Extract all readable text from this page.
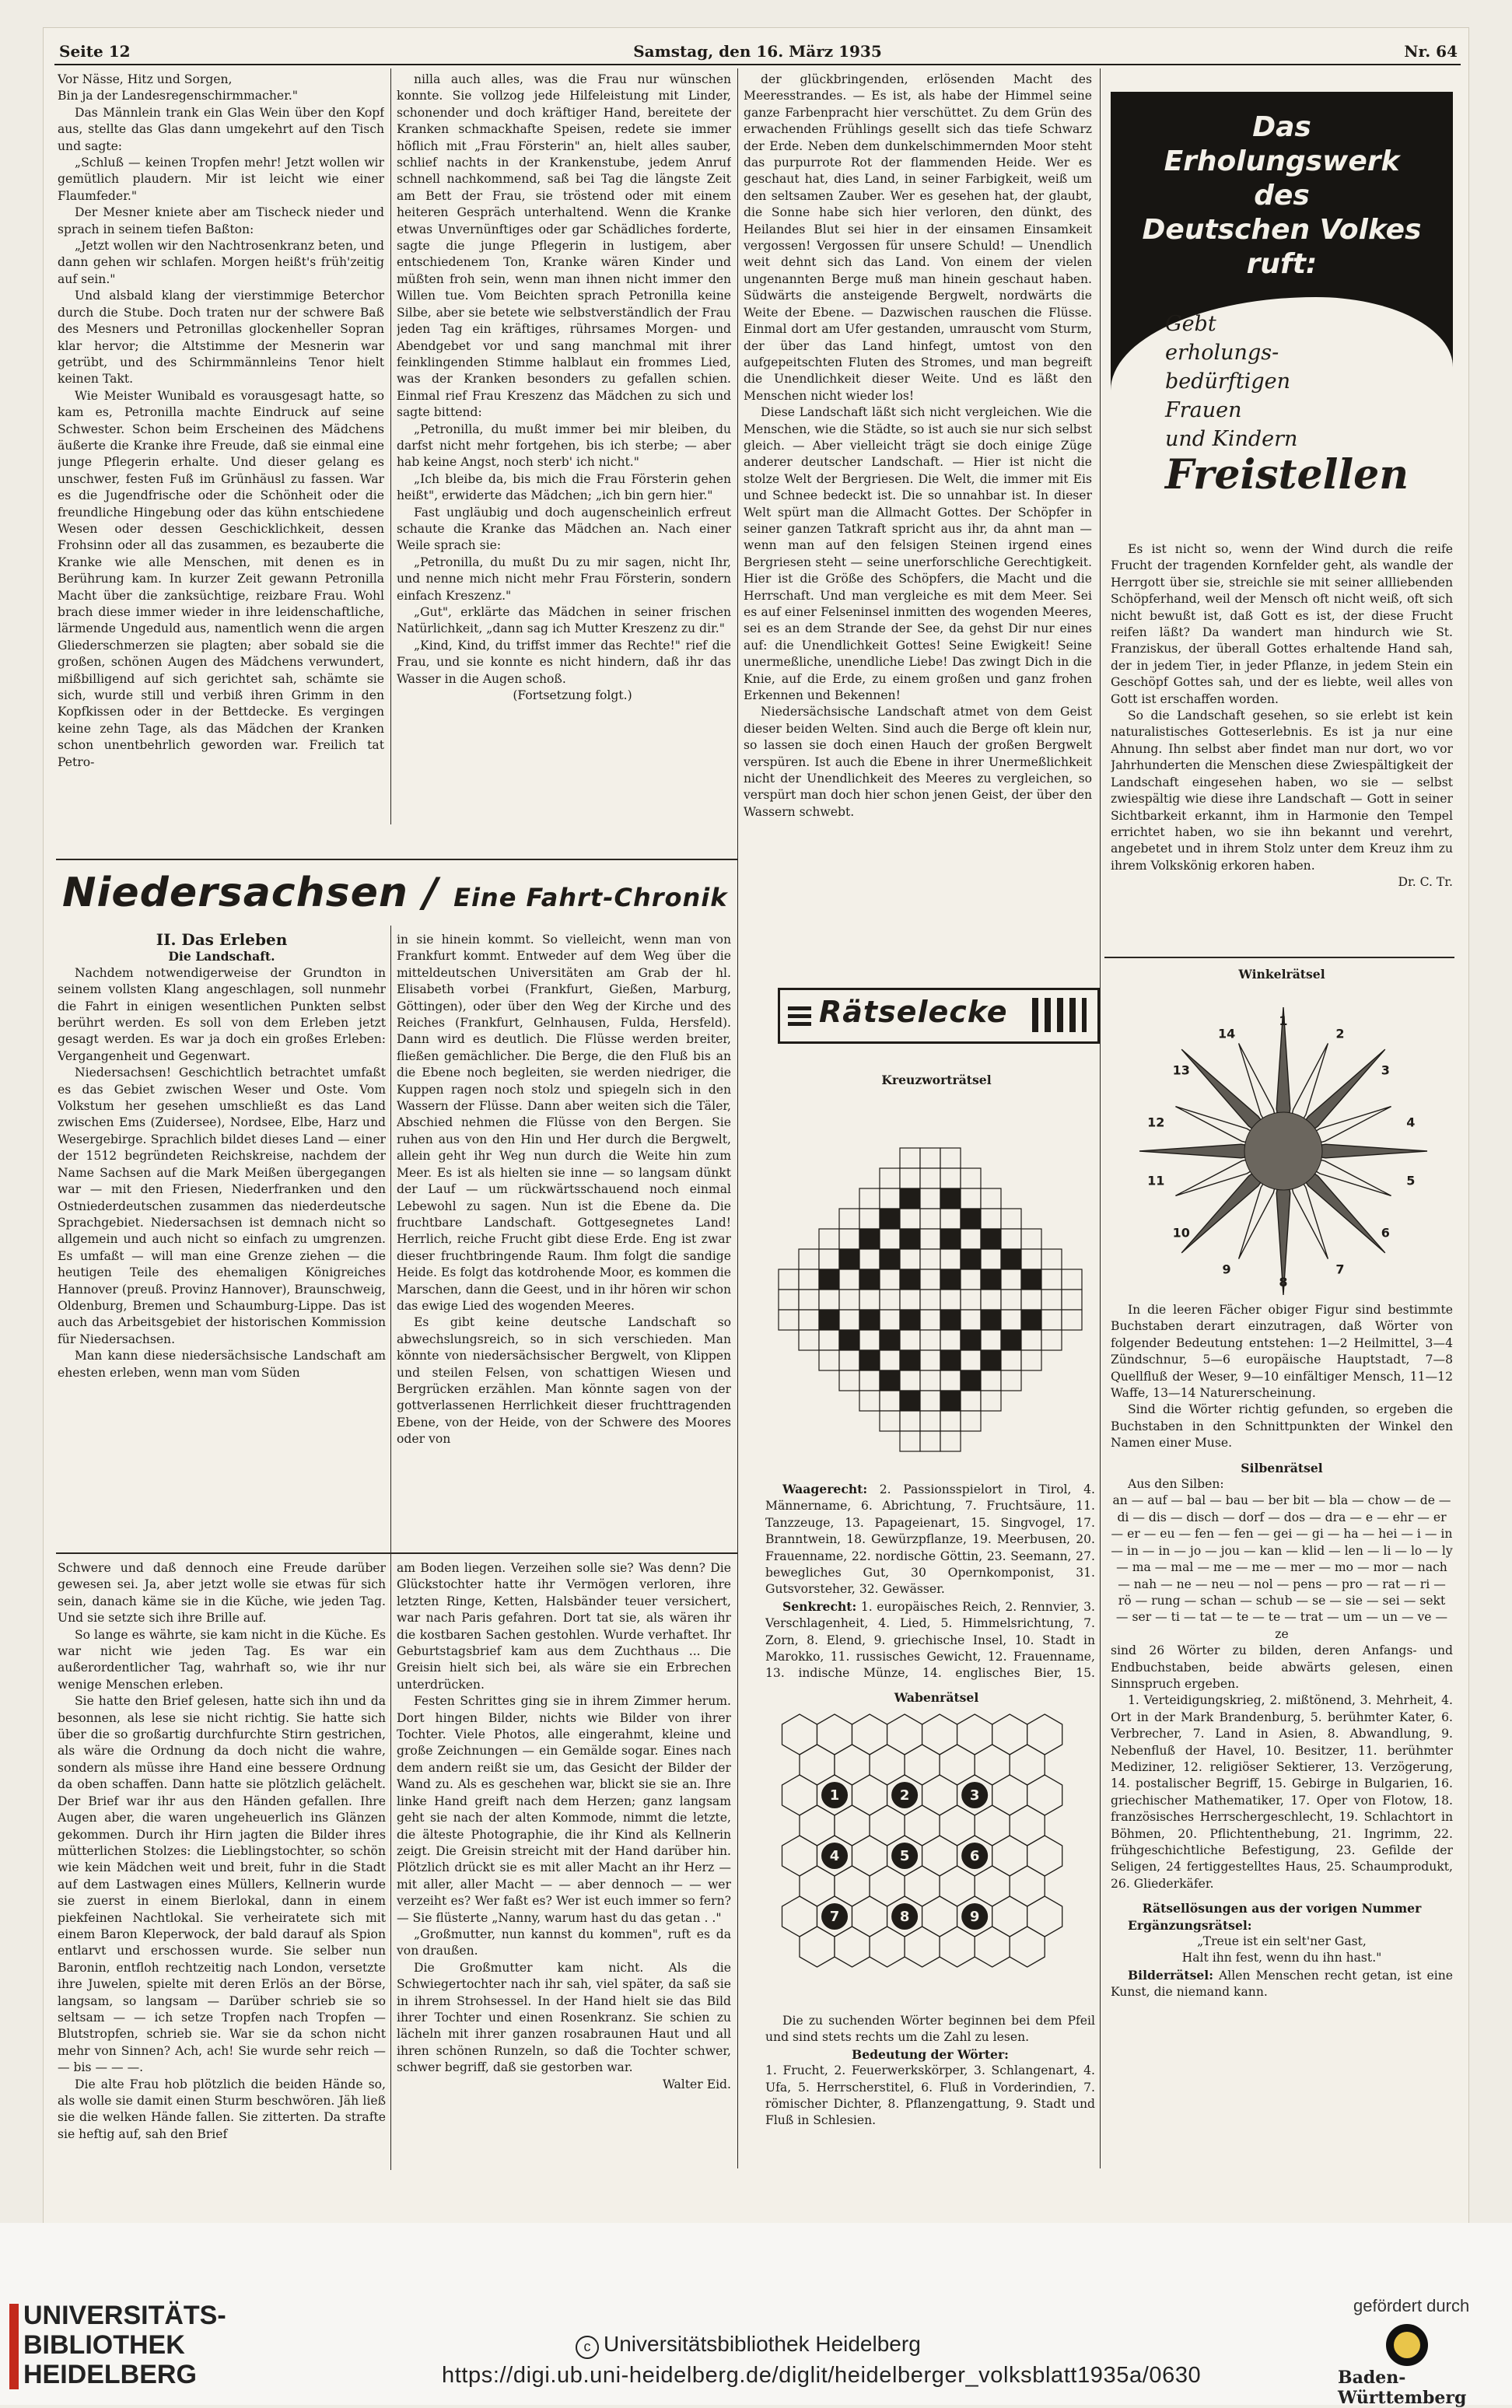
Seite 12	Samstag, den 16. März 1935	Nr. 64

Vor Nässe, Hitz und Sorgen,

Bin ja der Landesregenschirmmacher."

Das Männlein trank ein Glas Wein über den Kopf aus, stellte das Glas dann umgekehrt auf den Tisch und sagte:

„Schluß — keinen Tropfen mehr! Jetzt wollen wir gemütlich plaudern. Mir ist leicht wie einer Flaumfeder."

Der Mesner kniete aber am Tischeck nieder und sprach in seinem tiefen Baßton:

„Jetzt wollen wir den Nachtrosenkranz beten, und dann gehen wir schlafen. Morgen heißt's früh'zeitig auf sein."

Und alsbald klang der vierstimmige Beterchor durch die Stube. Doch traten nur der schwere Baß des Mesners und Petronillas glockenheller Sopran klar hervor; die Altstimme der Mesnerin war getrübt, und des Schirmmännleins Tenor hielt keinen Takt.

Wie Meister Wunibald es vorausgesagt hatte, so kam es, Petronilla machte Eindruck auf seine Schwester. Schon beim Erscheinen des Mädchens äußerte die Kranke ihre Freude, daß sie einmal eine junge Pflegerin erhalte. Und dieser gelang es unschwer, festen Fuß im Grünhäusl zu fassen. War es die Jugendfrische oder die Schönheit oder die freundliche Hingebung oder das kühn entschiedene Wesen oder dessen Geschicklichkeit, dessen Frohsinn oder all das zusammen, es bezauberte die Kranke wie alle Menschen, mit denen es in Berührung kam. In kurzer Zeit gewann Petronilla Macht über die zanksüchtige, reizbare Frau. Wohl brach diese immer wieder in ihre leidenschaftliche, lärmende Ungeduld aus, namentlich wenn die argen Gliederschmerzen sie plagten; aber sobald sie die großen, schönen Augen des Mädchens verwundert, mißbilligend auf sich gerichtet sah, schämte sie sich, wurde still und verbiß ihren Grimm in den Kopfkissen oder in der Bettdecke. Es vergingen keine zehn Tage, als das Mädchen der Kranken schon unentbehrlich geworden war. Freilich tat Petro-

nilla auch alles, was die Frau nur wünschen konnte. Sie vollzog jede Hilfeleistung mit Linder, schonender und doch kräftiger Hand, bereitete der Kranken schmackhafte Speisen, redete sie immer höflich mit „Frau Försterin" an, hielt alles sauber, schlief nachts in der Krankenstube, jedem Anruf schnell nachkommend, saß bei Tag die längste Zeit am Bett der Frau, sie tröstend oder mit einem heiteren Gespräch unterhaltend. Wenn die Kranke etwas Unvernünftiges oder gar Schädliches forderte, sagte die junge Pflegerin in lustigem, aber entschiedenem Ton, Kranke wären Kinder und müßten froh sein, wenn man ihnen nicht immer den Willen tue. Vom Beichten sprach Petronilla keine Silbe, aber sie betete wie selbstverständlich der Frau jeden Tag ein kräftiges, rührsames Morgen- und Abendgebet vor und sang manchmal mit ihrer feinklingenden Stimme halblaut ein frommes Lied, was der Kranken besonders zu gefallen schien. Einmal rief Frau Kreszenz das Mädchen zu sich und sagte bittend:

„Petronilla, du mußt immer bei mir bleiben, du darfst nicht mehr fortgehen, bis ich sterbe; — aber hab keine Angst, noch sterb' ich nicht."

„Ich bleibe da, bis mich die Frau Försterin gehen heißt", erwiderte das Mädchen; „ich bin gern hier."

Fast ungläubig und doch augenscheinlich erfreut schaute die Kranke das Mädchen an. Nach einer Weile sprach sie:

„Petronilla, du mußt Du zu mir sagen, nicht Ihr, und nenne mich nicht mehr Frau Försterin, sondern einfach Kreszenz."

„Gut", erklärte das Mädchen in seiner frischen Natürlichkeit, „dann sag ich Mutter Kreszenz zu dir."

„Kind, Kind, du triffst immer das Rechte!" rief die Frau, und sie konnte es nicht hindern, daß ihr das Wasser in die Augen schoß.

(Fortsetzung folgt.)

der glückbringenden, erlösenden Macht des Meeresstrandes. — Es ist, als habe der Himmel seine ganze Farbenpracht hier verschüttet. Zu dem Grün des erwachenden Frühlings gesellt sich das tiefe Schwarz der Erde. Neben dem dunkelschimmernden Moor steht das purpurrote Rot der flammenden Heide. Wer es geschaut hat, dies Land, in seiner Farbigkeit, weiß um den seltsamen Zauber. Wer es gesehen hat, der glaubt, die Sonne habe sich hier verloren, den dünkt, des Heilandes Blut sei hier in der einsamen Einsamkeit vergossen! Vergossen für unsere Schuld! — Unendlich weit dehnt sich das Land. Von einem der vielen ungenannten Berge muß man hinein geschaut haben. Südwärts die ansteigende Bergwelt, nordwärts die Weite der Ebene. — Dazwischen rauschen die Flüsse. Einmal dort am Ufer gestanden, umrauscht vom Sturm, der über das Land hinfegt, umtost von den aufgepeitschten Fluten des Stromes, und man begreift die Unendlichkeit dieser Weite. Und es läßt den Menschen nicht wieder los!

Diese Landschaft läßt sich nicht vergleichen. Wie die Menschen, wie die Städte, so ist auch sie nur sich selbst gleich. — Aber vielleicht trägt sie doch einige Züge anderer deutscher Landschaft. — Hier ist nicht die stolze Welt der Bergriesen. Die Welt, die immer mit Eis und Schnee bedeckt ist. Die so unnahbar ist. In dieser Welt spürt man die Allmacht Gottes. Der Schöpfer in seiner ganzen Tatkraft spricht aus ihr, da ahnt man — wenn man auf den felsigen Steinen irgend eines Bergriesen steht — seine unerforschliche Gerechtigkeit. Hier ist die Größe des Schöpfers, die Macht und die Herrschaft. Und man vergleiche es mit dem Meer. Sei es auf einer Felseninsel inmitten des wogenden Meeres, sei es an dem Strande der See, da gehst Dir nur eines auf: die Unendlichkeit Gottes! Seine Ewigkeit! Seine unermeßliche, unendliche Liebe! Das zwingt Dich in die Knie, auf die Erde, zu einem großen und ganz frohen Erkennen und Bekennen!

Niedersächsische Landschaft atmet von dem Geist dieser beiden Welten. Sind auch die Berge oft klein nur, so lassen sie doch einen Hauch der großen Bergwelt verspüren. Ist auch die Ebene in ihrer Unermeßlichkeit nicht der Unendlichkeit des Meeres zu vergleichen, so verspürt man doch hier schon jenen Geist, der über den Wassern schwebt.

Das
Erholungswerk
des
Deutschen Volkes
ruft:
Gebt
erholungs-
bedürftigen
Frauen
und Kindern
Freistellen

Es ist nicht so, wenn der Wind durch die reife Frucht der tragenden Kornfelder geht, als wandle der Herrgott über sie, streichle sie mit seiner allliebenden Schöpferhand, weil der Mensch oft nicht weiß, oft sich nicht bewußt ist, daß Gott es ist, der diese Frucht reifen läßt? Da wandert man hindurch wie St. Franziskus, der überall Gottes erhaltende Hand sah, der in jedem Tier, in jeder Pflanze, in jedem Stein ein Geschöpf Gottes sah, und der es liebte, weil alles von Gott ist erschaffen worden.

So die Landschaft gesehen, so sie erlebt ist kein naturalistisches Gotteserlebnis. Es ist ja nur eine Ahnung. Ihn selbst aber findet man nur dort, wo vor Jahrhunderten die Menschen diese Zwiespältigkeit der Landschaft eingesehen haben, wo sie — selbst zwiespältig wie diese ihre Landschaft — Gott in seiner Sichtbarkeit erkannt, ihm in Harmonie den Tempel errichtet haben, wo sie ihn bekannt und verehrt, angebetet und in ihrem Stolz unter dem Kreuz ihm zu ihrem Volkskönig erkoren haben.

Dr. C. Tr.

Niedersachsen / Eine Fahrt-Chronik

II. Das Erleben

Die Landschaft.

Nachdem notwendigerweise der Grundton in seinem vollsten Klang angeschlagen, soll nunmehr die Fahrt in einigen wesentlichen Punkten selbst berührt werden. Es soll von dem Erleben jetzt gesagt werden. Es war ja doch ein großes Erleben: Vergangenheit und Gegenwart.

Niedersachsen! Geschichtlich betrachtet umfaßt es das Gebiet zwischen Weser und Oste. Vom Volkstum her gesehen umschließt es das Land zwischen Ems (Zuidersee), Nordsee, Elbe, Harz und Wesergebirge. Sprachlich bildet dieses Land — einer der 1512 begründeten Reichskreise, nachdem der Name Sachsen auf die Mark Meißen übergegangen war — mit den Friesen, Niederfranken und den Ostniederdeutschen zusammen das niederdeutsche Sprachgebiet. Niedersachsen ist demnach nicht so allgemein und auch nicht so einfach zu umgrenzen. Es umfaßt — will man eine Grenze ziehen — die heutigen Teile des ehemaligen Königreiches Hannover (preuß. Provinz Hannover), Braunschweig, Oldenburg, Bremen und Schaumburg-Lippe. Das ist auch das Arbeitsgebiet der historischen Kommission für Niedersachsen.

Man kann diese niedersächsische Landschaft am ehesten erleben, wenn man vom Süden

in sie hinein kommt. So vielleicht, wenn man von Frankfurt kommt. Entweder auf dem Weg über die mitteldeutschen Universitäten am Grab der hl. Elisabeth vorbei (Frankfurt, Gießen, Marburg, Göttingen), oder über den Weg der Kirche und des Reiches (Frankfurt, Gelnhausen, Fulda, Hersfeld). Dann wird es deutlich. Die Flüsse werden breiter, fließen gemächlicher. Die Berge, die den Fluß bis an die Ebene noch begleiten, sie werden niedriger, die Kuppen ragen noch stolz und spiegeln sich in den Wassern der Flüsse. Dann aber weiten sich die Täler, Abschied nehmen die Flüsse von den Bergen. Sie ruhen aus von den Hin und Her durch die Bergwelt, allein geht ihr Weg nun durch die Weite hin zum Meer. Es ist als hielten sie inne — so langsam dünkt der Lauf — um rückwärtsschauend noch einmal Lebewohl zu sagen. Nun ist die Ebene da. Die fruchtbare Landschaft. Gottgesegnetes Land! Herrlich, reiche Frucht gibt diese Erde. Eng ist zwar dieser fruchtbringende Raum. Ihm folgt die sandige Heide. Es folgt das kotdrohende Moor, es kommen die Marschen, dann die Geest, und in ihr hören wir schon das ewige Lied des wogenden Meeres.

Es gibt keine deutsche Landschaft so abwechslungsreich, so in sich verschieden. Man könnte von niedersächsischer Bergwelt, von Klippen und steilen Felsen, von schattigen Wiesen und Bergrücken erzählen. Man könnte sagen von der gottverlassenen Herrlichkeit dieser fruchttragenden Ebene, von der Heide, von der Schwere des Moores oder von

Schwere und daß dennoch eine Freude darüber gewesen sei. Ja, aber jetzt wolle sie etwas für sich sein, danach käme sie in die Küche, wie jeden Tag. Und sie setzte sich ihre Brille auf.

So lange es währte, sie kam nicht in die Küche. Es war nicht wie jeden Tag. Es war ein außerordentlicher Tag, wahrhaft so, wie ihr nur wenige Menschen erleben.

Sie hatte den Brief gelesen, hatte sich ihn und da besonnen, als lese sie nicht richtig. Sie hatte sich über die so großartig durchfurchte Stirn gestrichen, als wäre die Ordnung da doch nicht die wahre, sondern als müsse ihre Hand eine bessere Ordnung da oben schaffen. Dann hatte sie plötzlich gelächelt. Der Brief war ihr aus den Händen gefallen. Ihre Augen aber, die waren ungeheuerlich ins Glänzen gekommen. Durch ihr Hirn jagten die Bilder ihres mütterlichen Stolzes: die Lieblingstochter, so schön wie kein Mädchen weit und breit, fuhr in die Stadt auf dem Lastwagen eines Müllers, Kellnerin wurde sie zuerst in einem Bierlokal, dann in einem piekfeinen Nachtlokal. Sie verheiratete sich mit einem Baron Kleperwock, der bald darauf als Spion entlarvt und erschossen wurde. Sie selber nun Baronin, entfloh rechtzeitig nach London, versetzte ihre Juwelen, spielte mit deren Erlös an der Börse, langsam, so langsam — Darüber schrieb sie so seltsam — — ich setze Tropfen nach Tropfen — Blutstropfen, schrieb sie. War sie da schon nicht mehr von Sinnen? Ach, ach! Sie wurde sehr reich — — bis — — —.

Die alte Frau hob plötzlich die beiden Hände so, als wolle sie damit einen Sturm beschwören. Jäh ließ sie die welken Hände fallen. Sie zitterten. Da strafte sie heftig auf, sah den Brief

am Boden liegen. Verzeihen solle sie? Was denn? Die Glückstochter hatte ihr Vermögen verloren, ihre letzten Ringe, Ketten, Halsbänder teuer versichert, war nach Paris gefahren. Dort tat sie, als wären ihr die kostbaren Sachen gestohlen. Wurde verhaftet. Ihr Geburtstagsbrief kam aus dem Zuchthaus ... Die Greisin hielt sich bei, als wäre sie ein Erbrechen unterdrücken.

Festen Schrittes ging sie in ihrem Zimmer herum. Dort hingen Bilder, nichts wie Bilder von ihrer Tochter. Viele Photos, alle eingerahmt, kleine und große Zeichnungen — ein Gemälde sogar. Eines nach dem andern reißt sie um, das Gesicht der Bilder der Wand zu. Als es geschehen war, blickt sie sie an. Ihre linke Hand greift nach dem Herzen; ganz langsam geht sie nach der alten Kommode, nimmt die letzte, die älteste Photographie, die ihr Kind als Kellnerin zeigt. Die Greisin streicht mit der Hand darüber hin. Plötzlich drückt sie es mit aller Macht an ihr Herz — mit aller, aller Macht — — aber dennoch — — wer verzeiht es? Wer faßt es? Wer ist euch immer so fern? — Sie flüsterte „Nanny, warum hast du das getan . ."

„Großmutter, nun kannst du kommen", ruft es da von draußen.

Die Großmutter kam nicht. Als die Schwiegertochter nach ihr sah, viel später, da saß sie in ihrem Strohsessel. In der Hand hielt sie das Bild ihrer Tochter und einen Rosenkranz. Sie schien zu lächeln mit ihrer ganzen rosabraunen Haut und all ihren schönen Runzeln, so daß die Tochter schwer, schwer begriff, daß sie gestorben war.

Walter Eid.

Rätselecke

Kreuzworträtsel

Waagerecht: 2. Passionsspielort in Tirol, 4. Männername, 6. Abrichtung, 7. Fruchtsäure, 11. Tanzzeuge, 13. Papageienart, 15. Singvogel, 17. Branntwein, 18. Gewürzpflanze, 19. Meerbusen, 20. Frauenname, 22. nordische Göttin, 23. Seemann, 27. bewegliches Gut, 30 Opernkomponist, 31. Gutsvorsteher, 32. Gewässer.

Senkrecht: 1. europäisches Reich, 2. Rennvier, 3. Verschlagenheit, 4. Lied, 5. Himmelsrichtung, 7. Zorn, 8. Elend, 9. griechische Insel, 10. Stadt in Marokko, 11. russisches Gewicht, 12. Frauenname, 13. indische Münze, 14. englisches Bier, 15.

Wabenrätsel

1	2	3
4	5	6
7	8	9

Die zu suchenden Wörter beginnen bei dem Pfeil und sind stets rechts um die Zahl zu lesen.

Bedeutung der Wörter:

1. Frucht, 2. Feuerwerkskörper, 3. Schlangenart, 4. Ufa, 5. Herrscherstitel, 6. Fluß in Vorderindien, 7. römischer Dichter, 8. Pflanzengattung, 9. Stadt und Fluß in Schlesien.

Winkelrätsel

1
2
3
4
5
6
7
8
9
10
11
12
13
14

In die leeren Fächer obiger Figur sind bestimmte Buchstaben derart einzutragen, daß Wörter von folgender Bedeutung entstehen: 1—2 Heilmittel, 3—4 Zündschnur, 5—6 europäische Hauptstadt, 7—8 Quellfluß der Weser, 9—10 einfältiger Mensch, 11—12 Waffe, 13—14 Naturerscheinung.

Sind die Wörter richtig gefunden, so ergeben die Buchstaben in den Schnittpunkten der Winkel den Namen einer Muse.

Silbenrätsel

Aus den Silben:

an — auf — bal — bau — ber bit — bla — chow — de — di — dis — disch — dorf — dos — dra — e — ehr — er — er — eu — fen — fen — gei — gi — ha — hei — i — in — in — in — jo — jou — kan — klid — len — li — lo — ly — ma — mal — me — me — mer — mo — mor — nach — nah — ne — neu — nol — pens — pro — rat — ri — rö — rung — schan — schub — se — sie — sei — sekt — ser — ti — tat — te — te — trat — um — un — ve — ze

sind 26 Wörter zu bilden, deren Anfangs- und Endbuchstaben, beide abwärts gelesen, einen Sinnspruch ergeben.

1. Verteidigungskrieg, 2. mißtönend, 3. Mehrheit, 4. Ort in der Mark Brandenburg, 5. berühmter Kater, 6. Verbrecher, 7. Land in Asien, 8. Abwandlung, 9. Nebenfluß der Havel, 10. Besitzer, 11. berühmter Mediziner, 12. religiöser Sektierer, 13. Verzögerung, 14. postalischer Begriff, 15. Gebirge in Bulgarien, 16. griechischer Mathematiker, 17. Oper von Flotow, 18. französisches Herrschergeschlecht, 19. Schlachtort in Böhmen, 20. Pflichtenthebung, 21. Ingrimm, 22. frühgeschichtliche Befestigung, 23. Gefilde der Seligen, 24 fertiggestelltes Haus, 25. Schaumprodukt, 26. Gliederkäfer.

Rätsellösungen aus der vorigen Nummer

Ergänzungsrätsel:

„Treue ist ein selt'ner Gast,

Halt ihn fest, wenn du ihn hast."

Bilderrätsel: Allen Menschen recht getan, ist eine Kunst, die niemand kann.

UNIVERSITÄTS-
BIBLIOTHEK
HEIDELBERG
c Universitätsbibliothek Heidelberg
https://digi.ub.uni-heidelberg.de/diglit/heidelberger_volksblatt1935a/0630
gefördert durch
Baden-Württemberg
